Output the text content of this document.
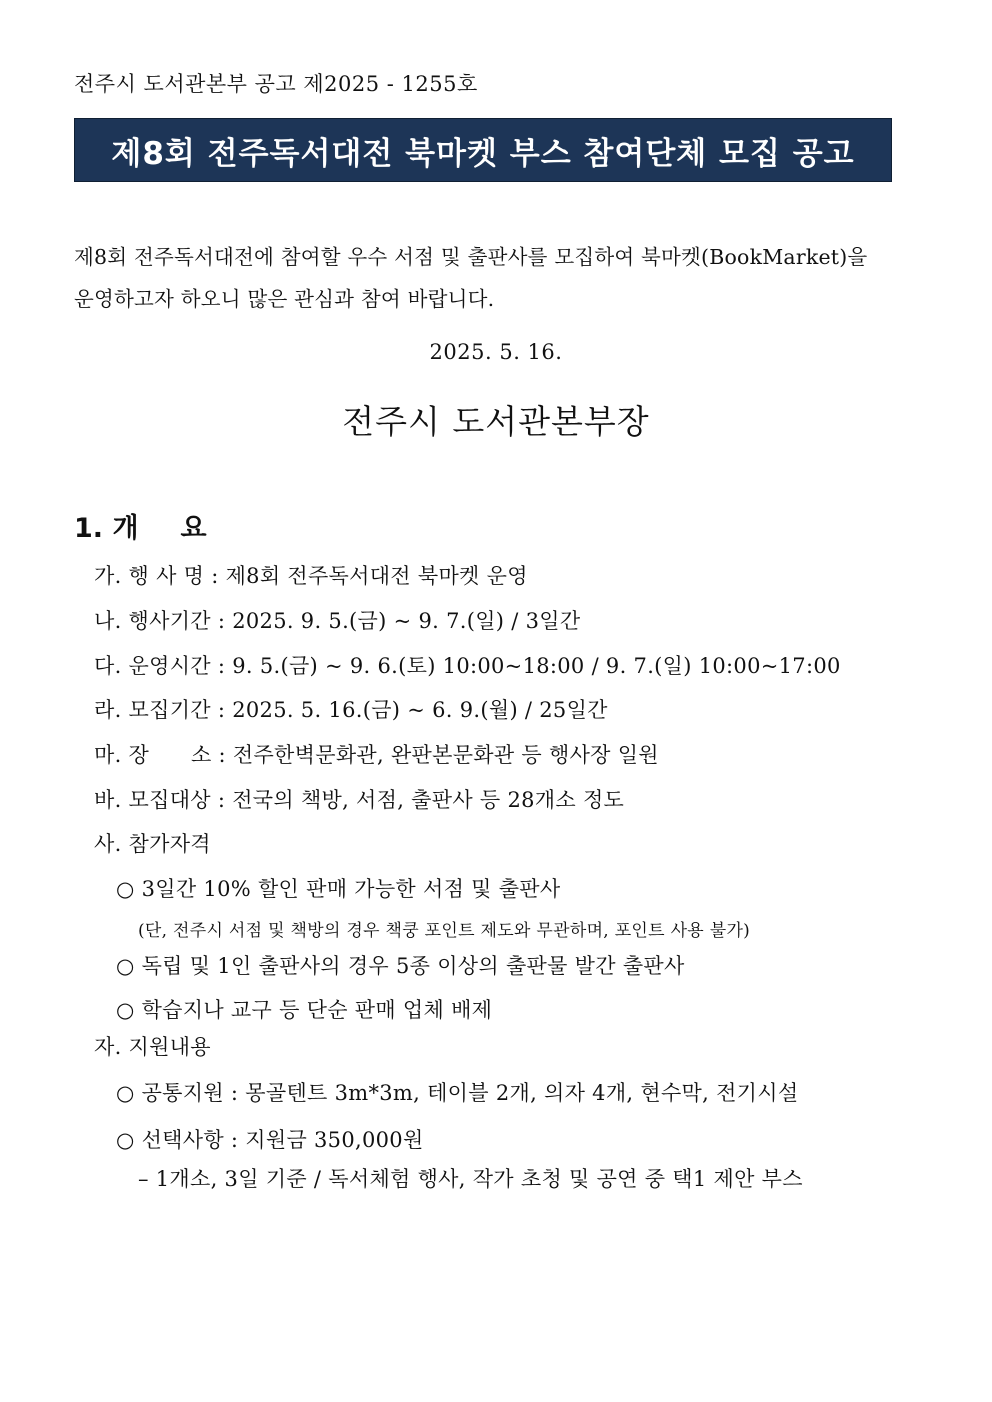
전주시 도서관본부 공고 제2025 - 1255호
제8회 전주독서대전 북마켓 부스 참여단체 모집 공고
제8회 전주독서대전에 참여할 우수 서점 및 출판사를 모집하여 북마켓(BookMarket)을
운영하고자 하오니 많은 관심과 참여 바랍니다.
2025. 5. 16.
전주시 도서관본부장
1. 개 요
가. 행 사 명 : 제8회 전주독서대전 북마켓 운영
나. 행사기간 : 2025. 9. 5.(금) ~ 9. 7.(일) / 3일간
다. 운영시간 : 9. 5.(금) ~ 9. 6.(토) 10:00~18:00 / 9. 7.(일) 10:00~17:00
라. 모집기간 : 2025. 5. 16.(금) ~ 6. 9.(월) / 25일간
마. 장      소 : 전주한벽문화관, 완판본문화관 등 행사장 일원
바. 모집대상 : 전국의 책방, 서점, 출판사 등 28개소 정도
사. 참가자격
○ 3일간 10% 할인 판매 가능한 서점 및 출판사
(단, 전주시 서점 및 책방의 경우 책쿵 포인트 제도와 무관하며, 포인트 사용 불가)
○ 독립 및 1인 출판사의 경우 5종 이상의 출판물 발간 출판사
○ 학습지나 교구 등 단순 판매 업체 배제
자. 지원내용
○ 공통지원 : 몽골텐트 3m*3m, 테이블 2개, 의자 4개, 현수막, 전기시설
○ 선택사항 : 지원금 350,000원
– 1개소, 3일 기준 / 독서체험 행사, 작가 초청 및 공연 중 택1 제안 부스
